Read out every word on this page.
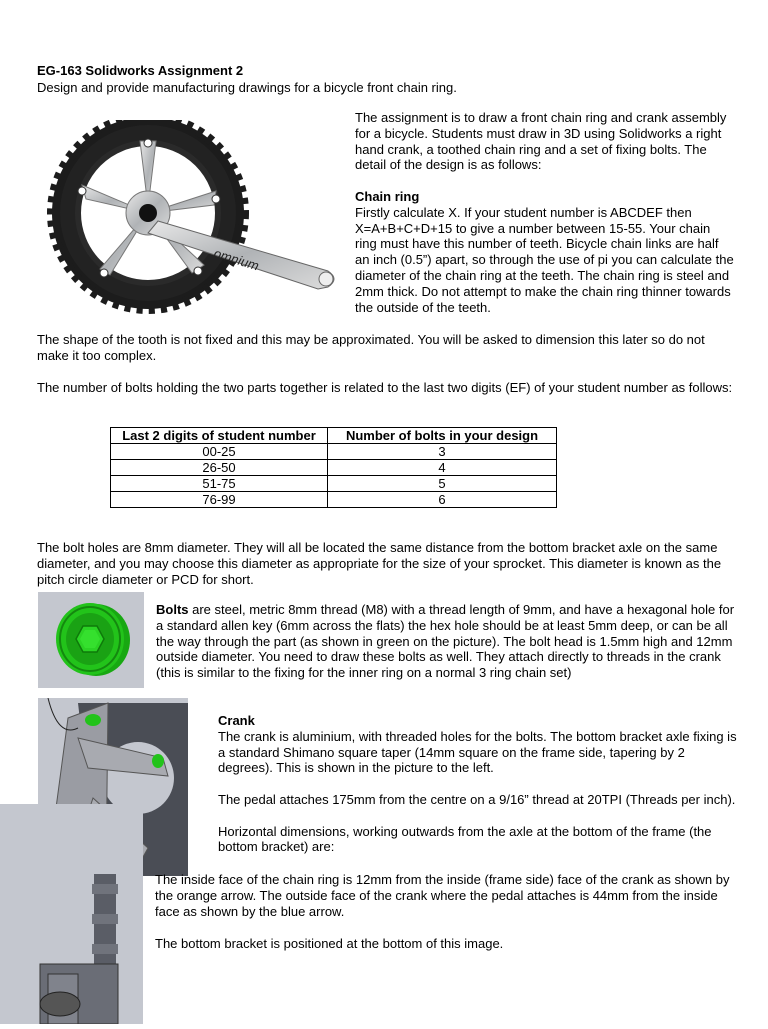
EG-163 Solidworks Assignment 2
Design and provide manufacturing drawings for a bicycle front chain ring.
omnium

The assignment is to draw a front chain ring and crank assembly for a bicycle. Students must draw in 3D using Solidworks a right hand crank, a toothed chain ring and a set of fixing bolts. The detail of the design is as follows:

Chain ring
Firstly calculate X. If your student number is ABCDEF then X=A+B+C+D+15 to give a number between 15-55. Your chain ring must have this number of teeth. Bicycle chain links are half an inch (0.5”) apart, so through the use of pi you can calculate the diameter of the chain ring at the teeth. The chain ring is steel and 2mm thick. Do not attempt to make the chain ring thinner towards the outside of the teeth.

The shape of the tooth is not fixed and this may be approximated. You will be asked to dimension this later so do not make it too complex.

The number of bolts holding the two parts together is related to the last two digits (EF) of your student number as follows:

Last 2 digits of student number	Number of bolts in your design
00-25	3
26-50	4
51-75	5
76-99	6

The bolt holes are 8mm diameter. They will all be located the same distance from the bottom bracket axle on the same diameter, and you may choose this diameter as appropriate for the size of your sprocket. This diameter is known as the pitch circle diameter or PCD for short.

Bolts are steel, metric 8mm thread (M8) with a thread length of 9mm, and have a hexagonal hole for a standard allen key (6mm across the flats) the hex hole should be at least 5mm deep, or can be all the way through the part (as shown in green on the picture). The bolt head is 1.5mm high and 12mm outside diameter. You need to draw these bolts as well. They attach directly to threads in the crank (this is similar to the fixing for the inner ring on a normal 3 ring chain set)
Crank
The crank is aluminium, with threaded holes for the bolts. The bottom bracket axle fixing is a standard Shimano square taper (14mm square on the frame side, tapering by 2 degrees). This is shown in the picture to the left.

The pedal attaches 175mm from the centre on a 9/16” thread at 20TPI (Threads per inch).

Horizontal dimensions, working outwards from the axle at the bottom of the frame (the bottom bracket) are:

The inside face of the chain ring is 12mm from the inside (frame side) face of the crank as shown by the orange arrow. The outside face of the crank where the pedal attaches is 44mm from the inside face as shown by the blue arrow.

The bottom bracket is positioned at the bottom of this image.
